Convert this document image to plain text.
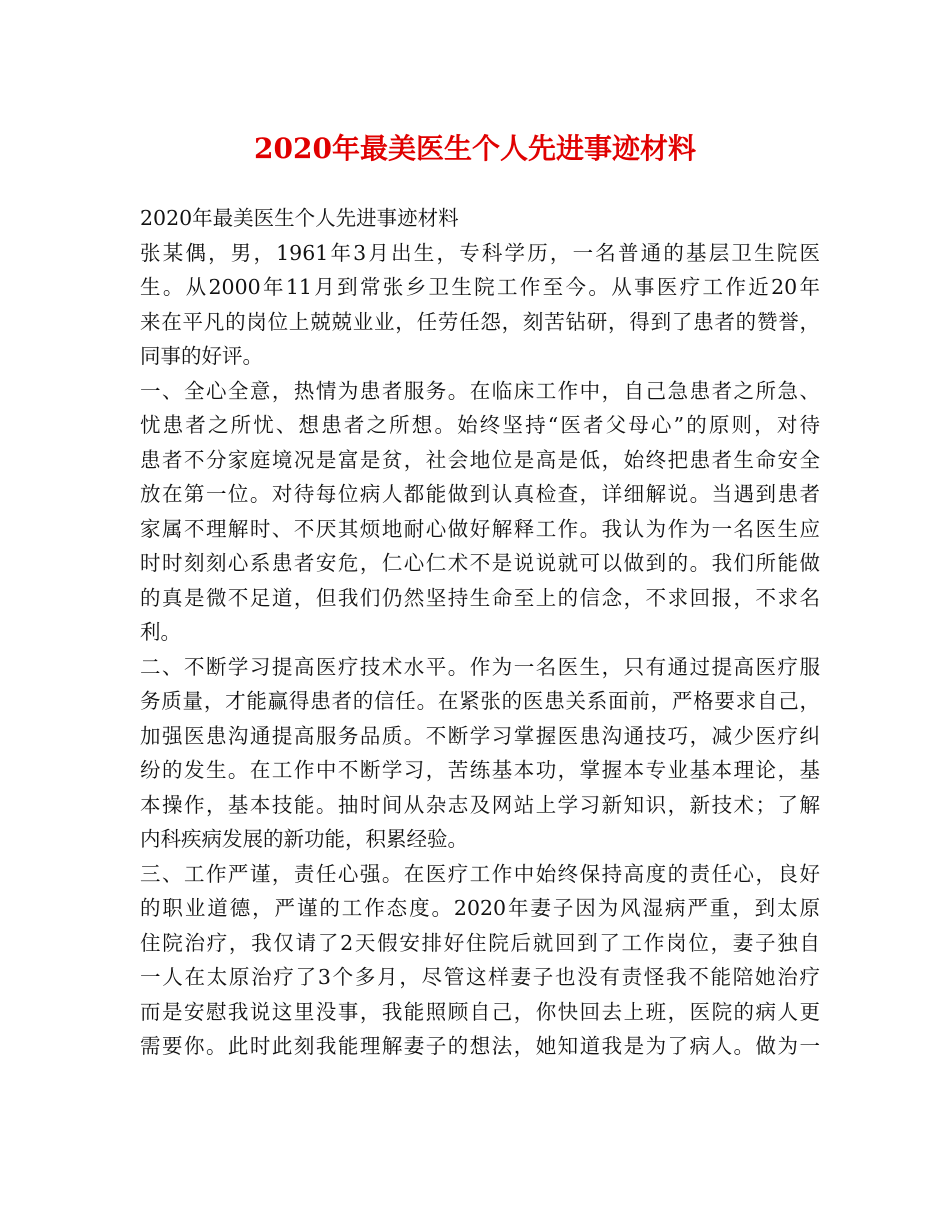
2020年最美医生个人先进事迹材料
2020年最美医生个人先进事迹材料
张某偶，男，1961年3月出生，专科学历，一名普通的基层卫生院医
生。从2000年11月到常张乡卫生院工作至今。从事医疗工作近20年
来在平凡的岗位上兢兢业业，任劳任怨，刻苦钻研，得到了患者的赞誉，
同事的好评。
一、全心全意，热情为患者服务。在临床工作中，自己急患者之所急、
忧患者之所忧、想患者之所想。始终坚持“医者父母心”的原则，对待
患者不分家庭境况是富是贫，社会地位是高是低，始终把患者生命安全
放在第一位。对待每位病人都能做到认真检查，详细解说。当遇到患者
家属不理解时、不厌其烦地耐心做好解释工作。我认为作为一名医生应
时时刻刻心系患者安危，仁心仁术不是说说就可以做到的。我们所能做
的真是微不足道，但我们仍然坚持生命至上的信念，不求回报，不求名
利。
二、不断学习提高医疗技术水平。作为一名医生，只有通过提高医疗服
务质量，才能赢得患者的信任。在紧张的医患关系面前，严格要求自己，
加强医患沟通提高服务品质。不断学习掌握医患沟通技巧，减少医疗纠
纷的发生。在工作中不断学习，苦练基本功，掌握本专业基本理论，基
本操作，基本技能。抽时间从杂志及网站上学习新知识，新技术；了解
内科疾病发展的新功能，积累经验。
三、工作严谨，责任心强。在医疗工作中始终保持高度的责任心，良好
的职业道德，严谨的工作态度。2020年妻子因为风湿病严重，到太原
住院治疗，我仅请了2天假安排好住院后就回到了工作岗位，妻子独自
一人在太原治疗了3个多月，尽管这样妻子也没有责怪我不能陪她治疗
而是安慰我说这里没事，我能照顾自己，你快回去上班，医院的病人更
需要你。此时此刻我能理解妻子的想法，她知道我是为了病人。做为一
